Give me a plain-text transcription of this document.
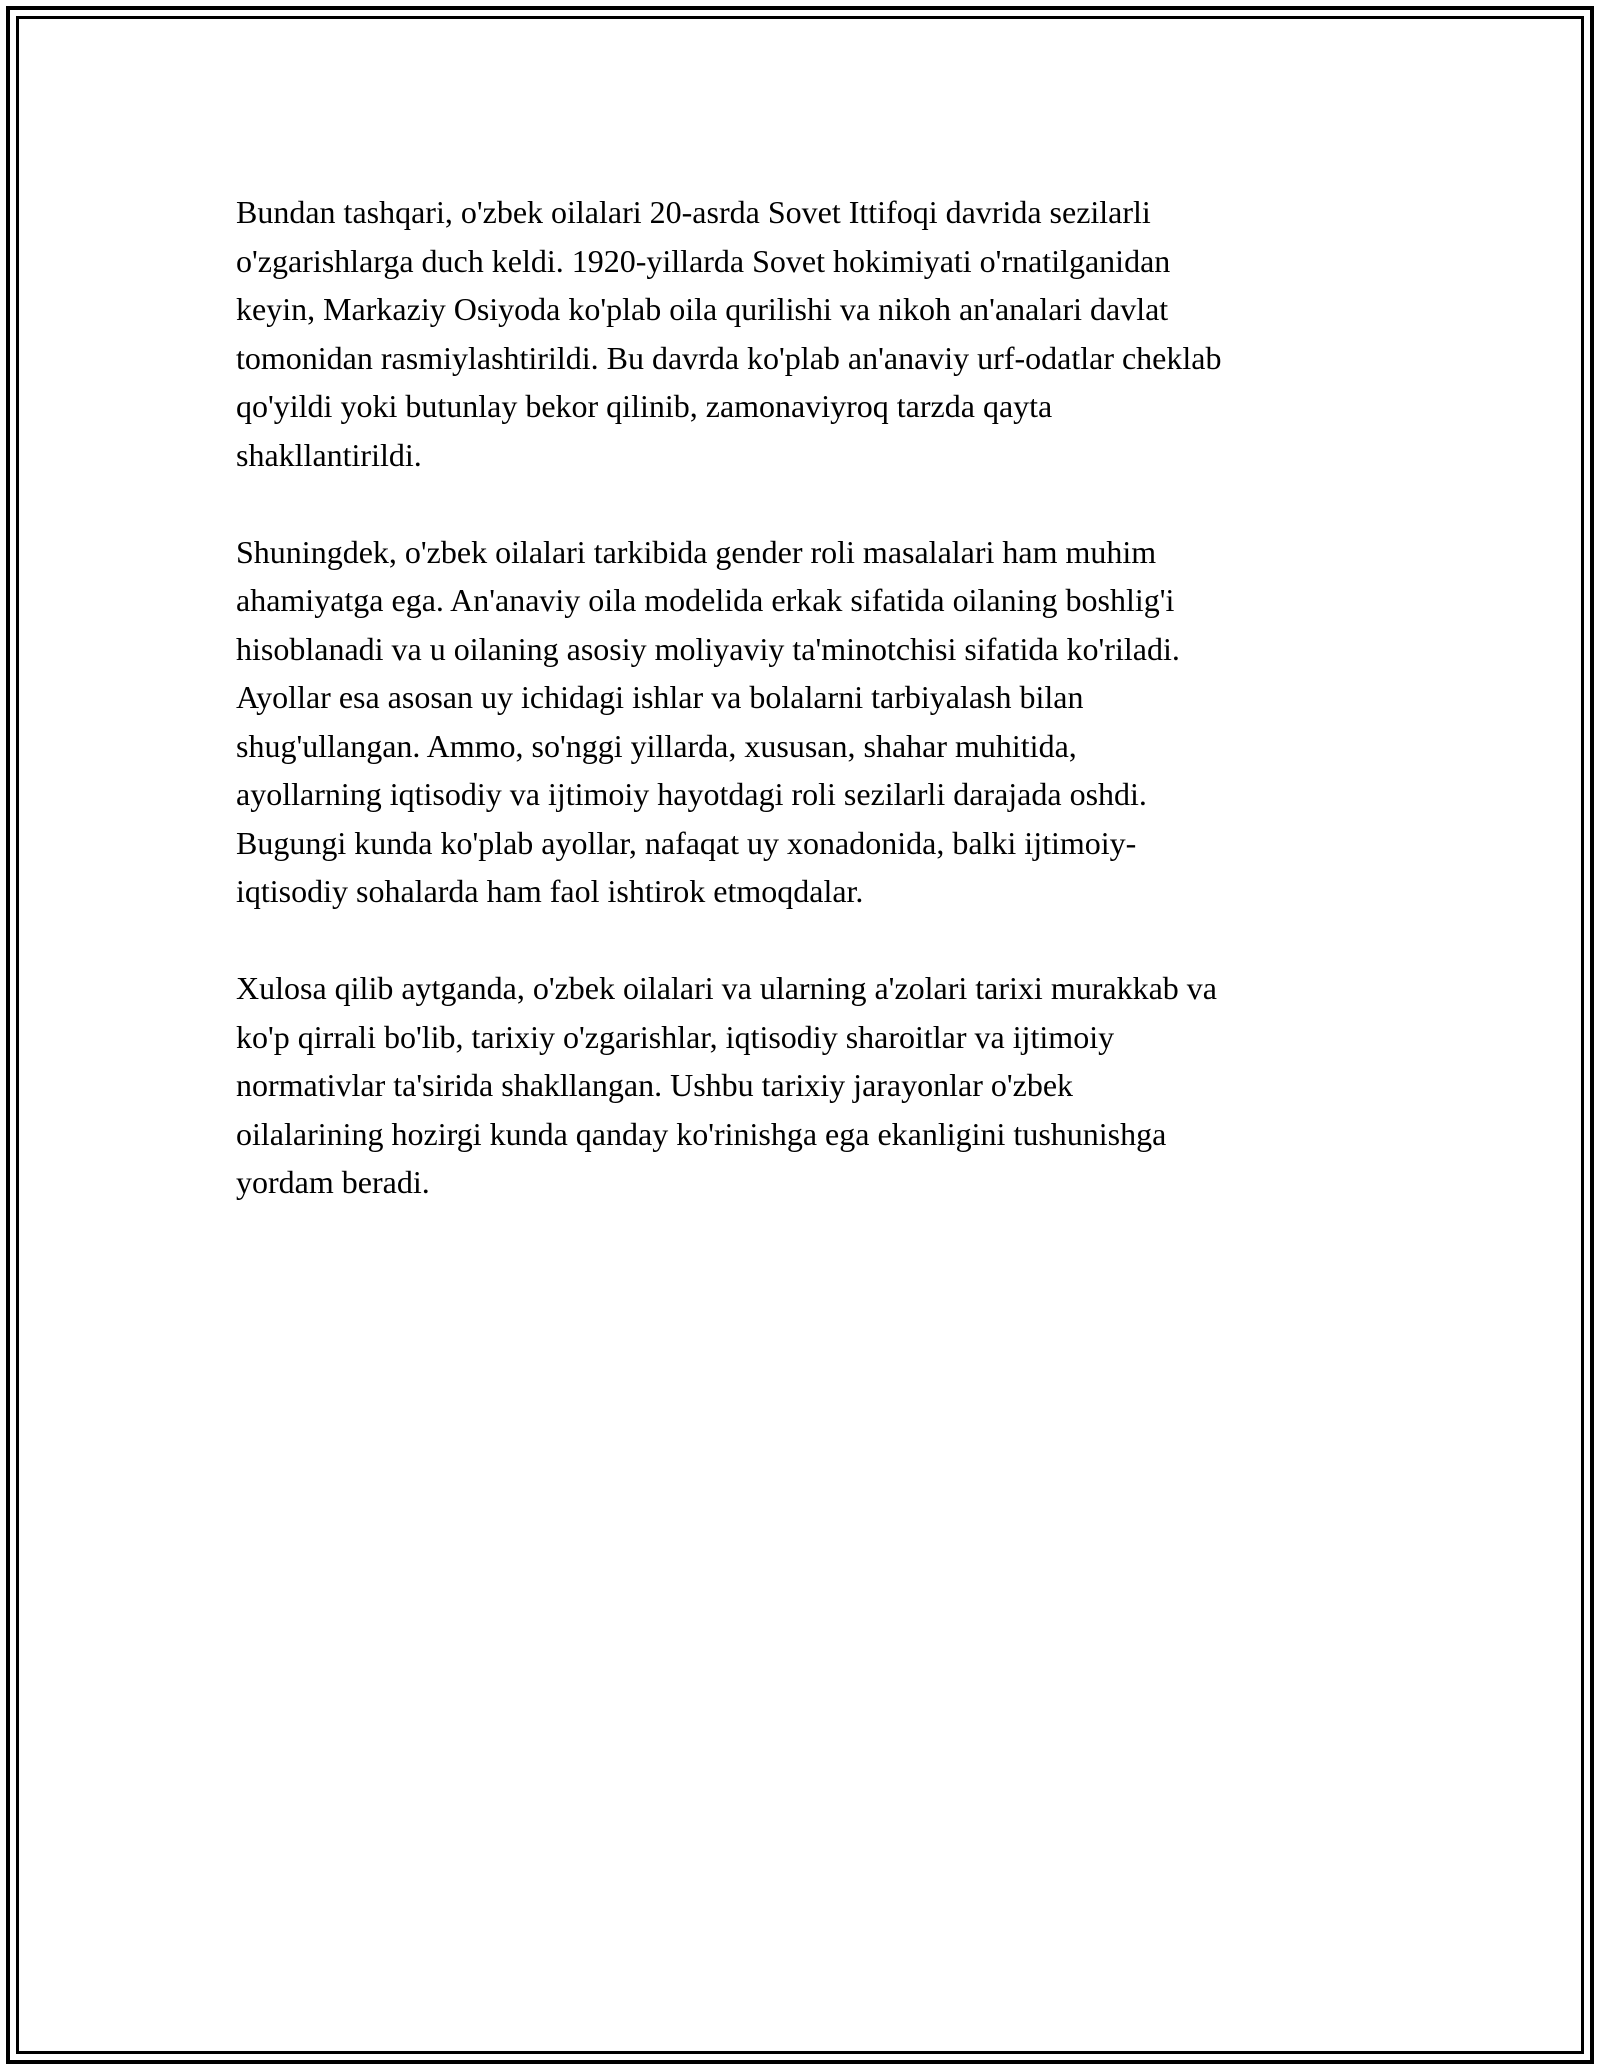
Bundan tashqari, o'zbek oilalari 20-asrda Sovet Ittifoqi davrida sezilarli
o'zgarishlarga duch keldi. 1920-yillarda Sovet hokimiyati o'rnatilganidan
keyin, Markaziy Osiyoda ko'plab oila qurilishi va nikoh an'analari davlat
tomonidan rasmiylashtirildi. Bu davrda ko'plab an'anaviy urf-odatlar cheklab
qo'yildi yoki butunlay bekor qilinib, zamonaviyroq tarzda qayta
shakllantirildi.

Shuningdek, o'zbek oilalari tarkibida gender roli masalalari ham muhim
ahamiyatga ega. An'anaviy oila modelida erkak sifatida oilaning boshlig'i
hisoblanadi va u oilaning asosiy moliyaviy ta'minotchisi sifatida ko'riladi.
Ayollar esa asosan uy ichidagi ishlar va bolalarni tarbiyalash bilan
shug'ullangan. Ammo, so'nggi yillarda, xususan, shahar muhitida,
ayollarning iqtisodiy va ijtimoiy hayotdagi roli sezilarli darajada oshdi.
Bugungi kunda ko'plab ayollar, nafaqat uy xonadonida, balki ijtimoiy-
iqtisodiy sohalarda ham faol ishtirok etmoqdalar.

Xulosa qilib aytganda, o'zbek oilalari va ularning a'zolari tarixi murakkab va
ko'p qirrali bo'lib, tarixiy o'zgarishlar, iqtisodiy sharoitlar va ijtimoiy
normativlar ta'sirida shakllangan. Ushbu tarixiy jarayonlar o'zbek
oilalarining hozirgi kunda qanday ko'rinishga ega ekanligini tushunishga
yordam beradi.
